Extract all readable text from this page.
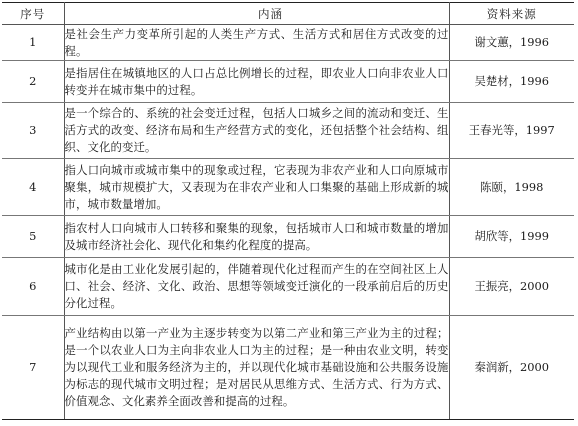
序号	内涵	资料来源
1	是社会生产力变革所引起的人类生产方式、生活方式和居住方式改变的过程。	谢文蕙，1996
2	是指居住在城镇地区的人口占总比例增长的过程，即农业人口向非农业人口转变并在城市集中的过程。	吴楚材，1996
3	是一个综合的、系统的社会变迁过程，包括人口城乡之间的流动和变迁、生活方式的改变、经济布局和生产经营方式的变化，还包括整个社会结构、组织、文化的变迁。	王春光等，1997
4	指人口向城市或城市集中的现象或过程，它表现为非农产业和人口向原城市聚集，城市规模扩大，又表现为在非农产业和人口集聚的基础上形成新的城市，城市数量增加。	陈颐，1998
5	指农村人口向城市人口转移和聚集的现象，包括城市人口和城市数量的增加及城市经济社会化、现代化和集约化程度的提高。	胡欣等，1999
6	城市化是由工业化发展引起的，伴随着现代化过程而产生的在空间社区上人口、社会、经济、文化、政治、思想等领域变迁演化的一段承前启后的历史分化过程。	王振亮，2000
7	产业结构由以第一产业为主逐步转变为以第二产业和第三产业为主的过程；是一个以农业人口为主向非农业人口为主的过程；是一种由农业文明，转变为以现代工业和服务经济为主的，并以现代化城市基础设施和公共服务设施为标志的现代城市文明过程；是对居民从思维方式、生活方式、行为方式、价值观念、文化素养全面改善和提高的过程。	秦润新，2000
